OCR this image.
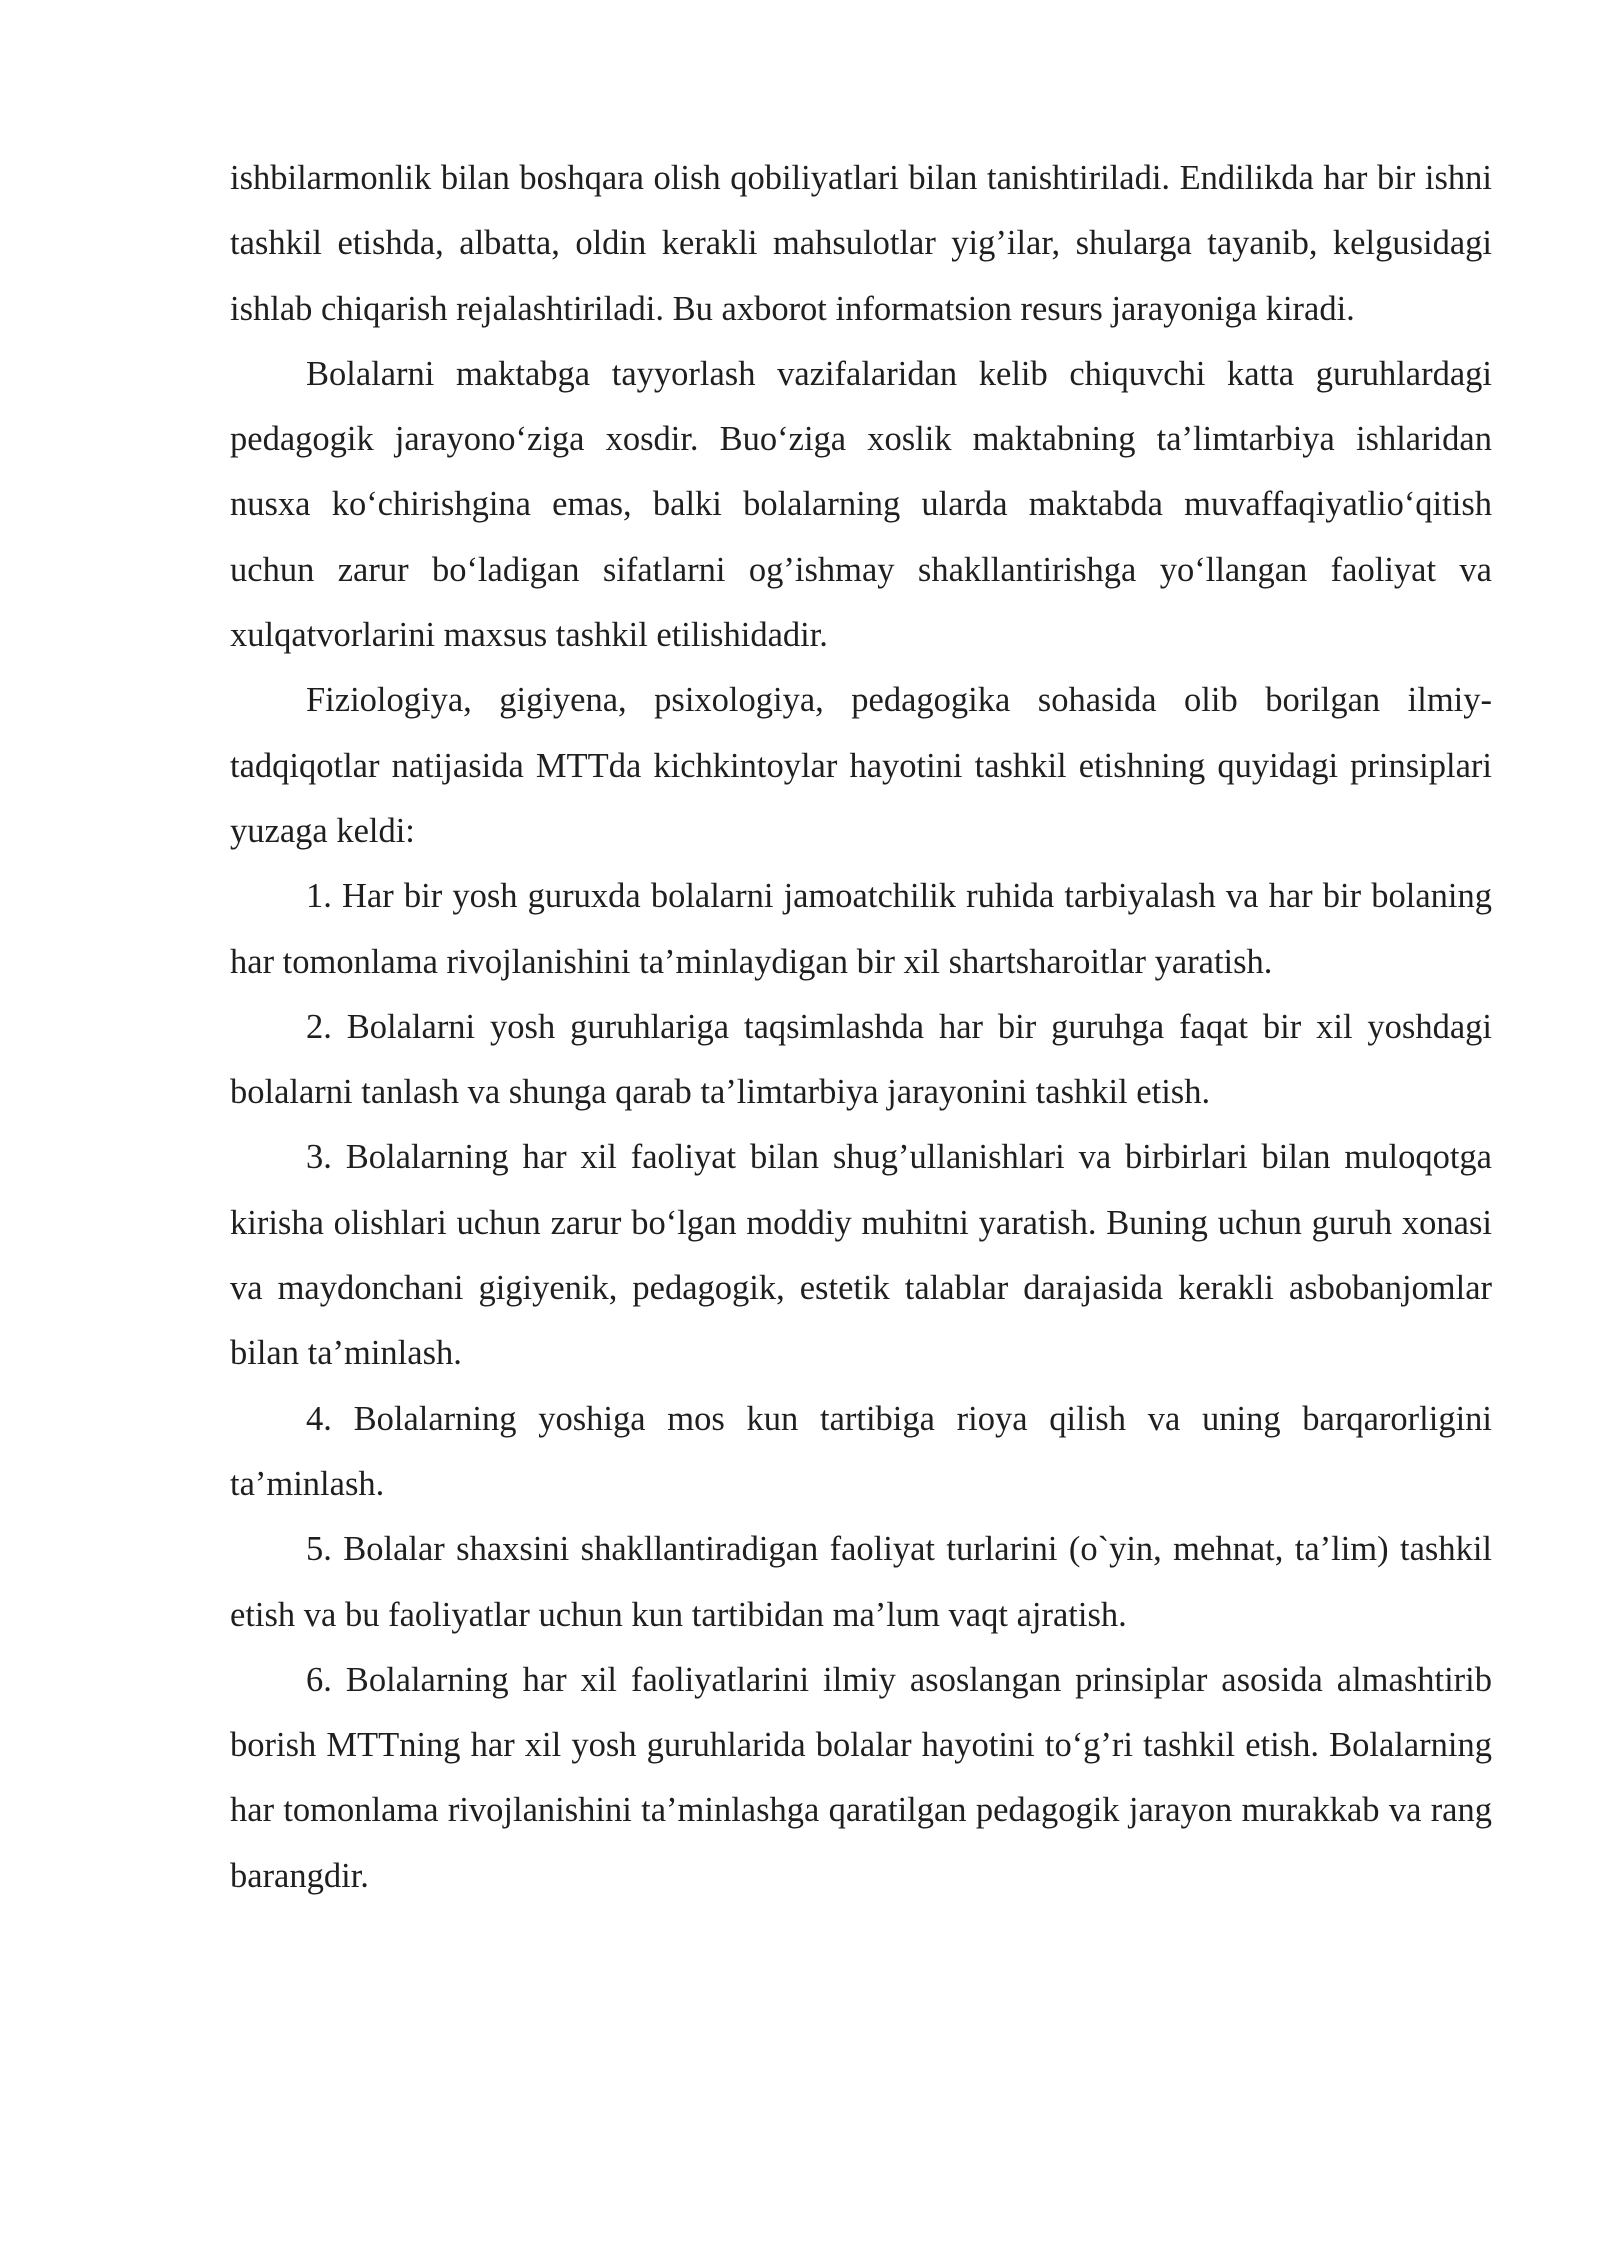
ishbilarmonlik bilan boshqara olish qobiliyatlari bilan tanishtiriladi. Endilikda har bir ishni tashkil etishda, albatta, oldin kerakli mahsulotlar yig’ilar, shularga tayanib, kelgusidagi ishlab chiqarish rejalashtiriladi. Bu axborot informatsion resurs jarayoniga kiradi.

Bolalarni maktabga tayyorlash vazifalaridan kelib chiquvchi katta guruhlardagi pedagogik jarayono‘ziga xosdir. Buo‘ziga xoslik maktabning ta’limtarbiya ishlaridan nusxa ko‘chirishgina emas, balki bolalarning ularda maktabda muvaffaqiyatlio‘qitish uchun zarur bo‘ladigan sifatlarni og’ishmay shakllantirishga yo‘llangan faoliyat va xulqatvorlarini maxsus tashkil etilishidadir.

Fiziologiya, gigiyena, psixologiya, pedagogika sohasida olib borilgan ilmiy-tadqiqotlar natijasida MTTda kichkintoylar hayotini tashkil etishning quyidagi prinsiplari yuzaga keldi:

1. Har bir yosh guruxda bolalarni jamoatchilik ruhida tarbiyalash va har bir bolaning har tomonlama rivojlanishini ta’minlaydigan bir xil shartsharoitlar yaratish.

2. Bolalarni yosh guruhlariga taqsimlashda har bir guruhga faqat bir xil yoshdagi bolalarni tanlash va shunga qarab ta’limtarbiya jarayonini tashkil etish.

3. Bolalarning har xil faoliyat bilan shug’ullanishlari va birbirlari bilan muloqotga kirisha olishlari uchun zarur bo‘lgan moddiy muhitni yaratish. Buning uchun guruh xonasi va maydonchani gigiyenik, pedagogik, estetik talablar darajasida kerakli asbobanjomlar bilan ta’minlash.

4. Bolalarning yoshiga mos kun tartibiga rioya qilish va uning barqarorligini ta’minlash.

5. Bolalar shaxsini shakllantiradigan faoliyat turlarini (o`yin, mehnat, ta’lim) tashkil etish va bu faoliyatlar uchun kun tartibidan ma’lum vaqt ajratish.

6. Bolalarning har xil faoliyatlarini ilmiy asoslangan prinsiplar asosida almashtirib borish MTTning har xil yosh guruhlarida bolalar hayotini to‘g’ri tashkil etish. Bolalarning har tomonlama rivojlanishini ta’minlashga qaratilgan pedagogik jarayon murakkab va rang barangdir.
